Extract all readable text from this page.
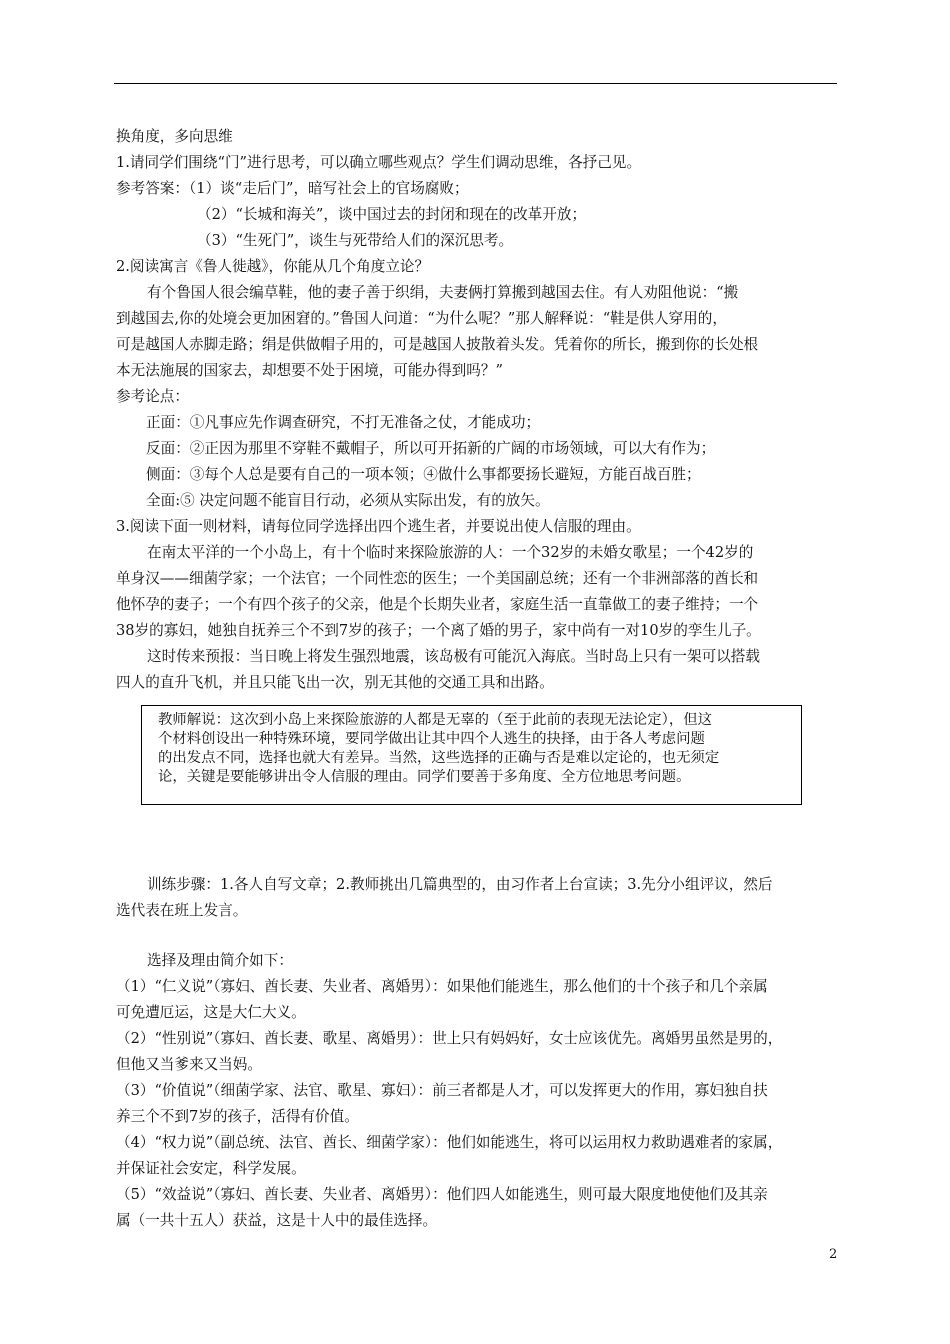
换角度，多向思维
1.请同学们围绕“门”进行思考，可以确立哪些观点？学生们调动思维，各抒己见。
参考答案：（1）谈“走后门”，暗写社会上的官场腐败；
（2）“长城和海关”，谈中国过去的封闭和现在的改革开放；
（3）“生死门”，谈生与死带给人们的深沉思考。
2.阅读寓言《鲁人徙越》，你能从几个角度立论？
有个鲁国人很会编草鞋，他的妻子善于织绢，夫妻俩打算搬到越国去住。有人劝阻他说：“搬
到越国去,你的处境会更加困窘的。”鲁国人问道：“为什么呢？”那人解释说：“鞋是供人穿用的，
可是越国人赤脚走路；绢是供做帽子用的，可是越国人披散着头发。凭着你的所长，搬到你的长处根
本无法施展的国家去，却想要不处于困境，可能办得到吗？”
参考论点：
正面：①凡事应先作调查研究，不打无准备之仗，才能成功；
反面：②正因为那里不穿鞋不戴帽子，所以可开拓新的广阔的市场领域，可以大有作为；
侧面：③每个人总是要有自己的一项本领；④做什么事都要扬长避短，方能百战百胜；
全面:⑤ 决定问题不能盲目行动，必须从实际出发，有的放矢。
3.阅读下面一则材料，请每位同学选择出四个逃生者，并要说出使人信服的理由。
在南太平洋的一个小岛上，有十个临时来探险旅游的人：一个32岁的未婚女歌星；一个42岁的
单身汉——细菌学家；一个法官；一个同性恋的医生；一个美国副总统；还有一个非洲部落的酋长和
他怀孕的妻子；一个有四个孩子的父亲，他是个长期失业者，家庭生活一直靠做工的妻子维持；一个
38岁的寡妇，她独自抚养三个不到7岁的孩子；一个离了婚的男子，家中尚有一对10岁的孪生儿子。
这时传来预报：当日晚上将发生强烈地震，该岛极有可能沉入海底。当时岛上只有一架可以搭载
四人的直升飞机，并且只能飞出一次，别无其他的交通工具和出路。
教师解说：这次到小岛上来探险旅游的人都是无辜的（至于此前的表现无法论定），但这
个材料创设出一种特殊环境，要同学做出让其中四个人逃生的抉择，由于各人考虑问题
的出发点不同，选择也就大有差异。当然，这些选择的正确与否是难以定论的，也无须定
论，关键是要能够讲出令人信服的理由。同学们要善于多角度、全方位地思考问题。
训练步骤：1.各人自写文章；2.教师挑出几篇典型的，由习作者上台宣读；3.先分小组评议，然后
选代表在班上发言。
选择及理由简介如下：
（1）“仁义说”（寡妇、酋长妻、失业者、离婚男）：如果他们能逃生，那么他们的十个孩子和几个亲属
可免遭厄运，这是大仁大义。
（2）“性别说”（寡妇、酋长妻、歌星、离婚男）：世上只有妈妈好，女士应该优先。离婚男虽然是男的，
但他又当爹来又当妈。
（3）“价值说”（细菌学家、法官、歌星、寡妇）：前三者都是人才，可以发挥更大的作用，寡妇独自扶
养三个不到7岁的孩子，活得有价值。
（4）“权力说”（副总统、法官、酋长、细菌学家）：他们如能逃生，将可以运用权力救助遇难者的家属，
并保证社会安定，科学发展。
（5）“效益说”（寡妇、酋长妻、失业者、离婚男）：他们四人如能逃生，则可最大限度地使他们及其亲
属（一共十五人）获益，这是十人中的最佳选择。
2
